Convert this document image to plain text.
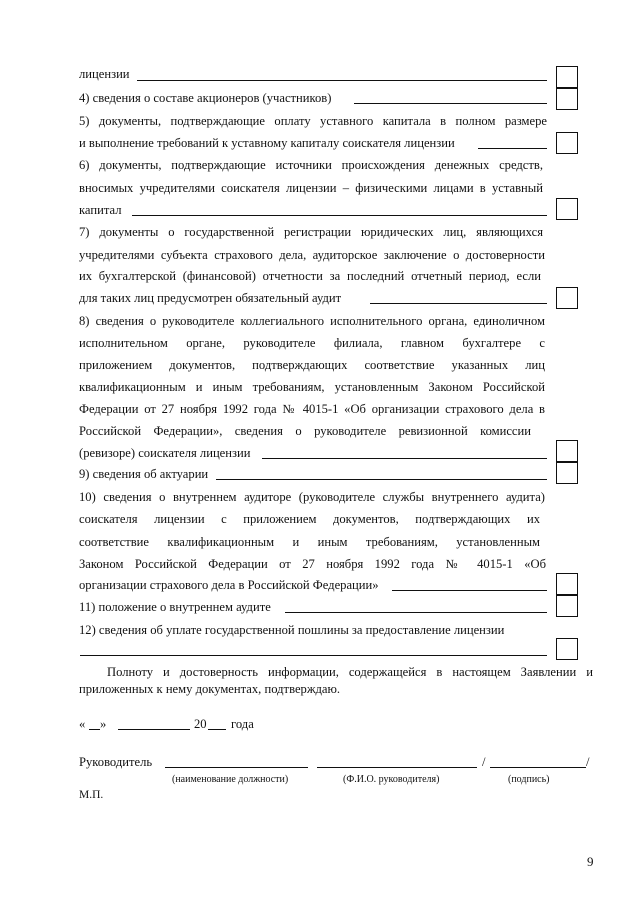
лицензии
4) сведения о составе акционеров (участников)
5) документы, подтверждающие оплату уставного капитала в полном размере
и выполнение требований к уставному капиталу соискателя лицензии
6) документы, подтверждающие источники происхождения денежных средств,
вносимых учредителями соискателя лицензии – физическими лицами в уставный
капитал
7) документы о государственной регистрации юридических лиц, являющихся
учредителями субъекта страхового дела, аудиторское заключение о достоверности
их бухгалтерской (финансовой) отчетности за последний отчетный период, если
для таких лиц предусмотрен обязательный аудит
8) сведения о руководителе коллегиального исполнительного органа, единоличном
исполнительном органе, руководителе филиала, главном бухгалтере с
приложением документов, подтверждающих соответствие указанных лиц
квалификационным и иным требованиям, установленным Законом Российской
Федерации от 27 ноября 1992 года № 4015-1 «Об организации страхового дела в
Российской Федерации», сведения о руководителе ревизионной комиссии
(ревизоре) соискателя лицензии
9) сведения об актуарии
10) сведения о внутреннем аудиторе (руководителе службы внутреннего аудита)
соискателя лицензии с приложением документов, подтверждающих их
соответствие квалификационным и иным требованиям, установленным
Законом Российской Федерации от 27 ноября 1992 года № 4015-1 «Об
организации страхового дела в Российской Федерации»
11) положение о внутреннем аудите
12) сведения об уплате государственной пошлины за предоставление лицензии
Полноту и достоверность информации, содержащейся в настоящем Заявлении и
приложенных к нему документах, подтверждаю.
« »	20 года
Руководитель	/	/
(наименование должности)	(Ф.И.О. руководителя)	(подпись)
М.П.
9
